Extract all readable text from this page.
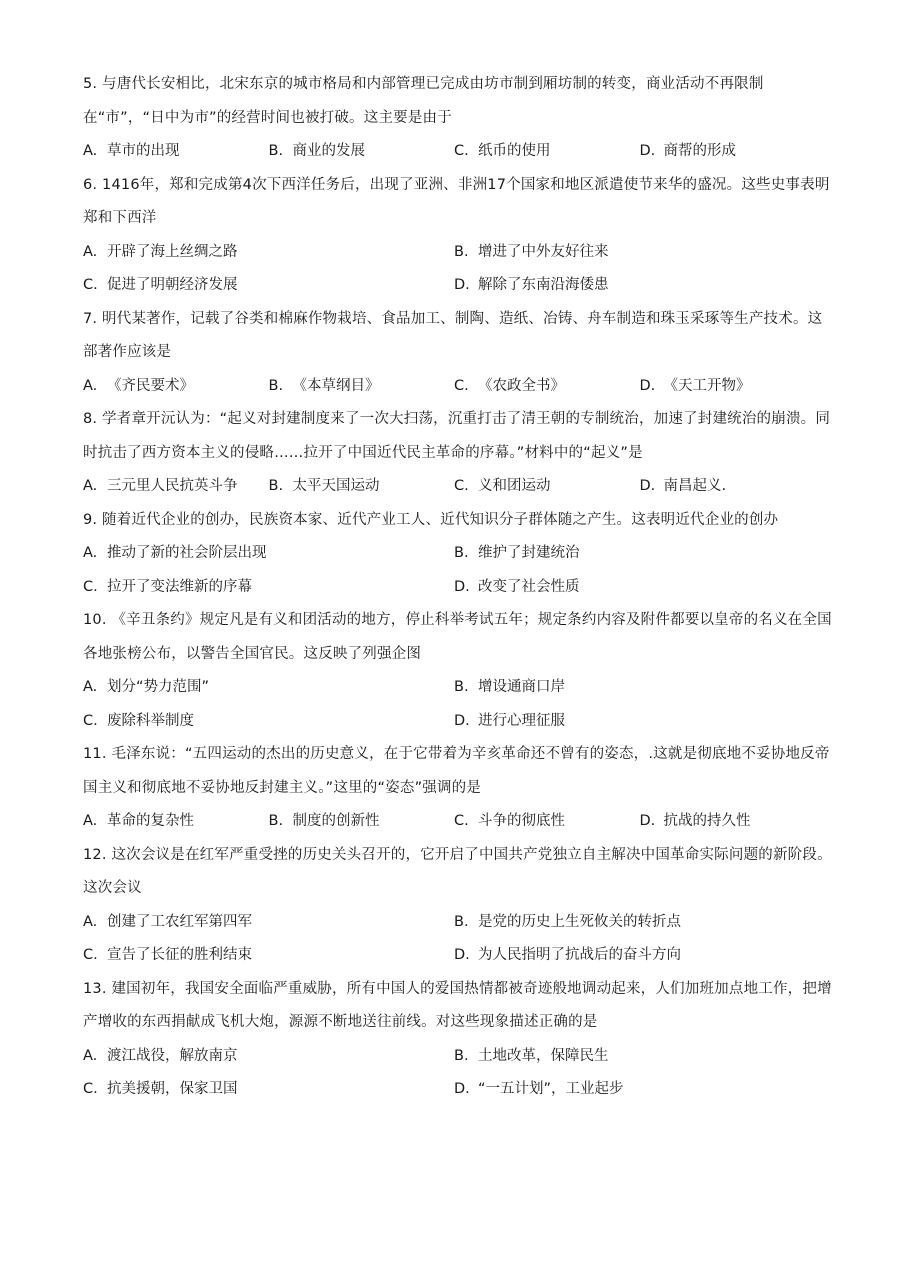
5. 与唐代长安相比，北宋东京的城市格局和内部管理已完成由坊市制到厢坊制的转变，商业活动不再限制在“市”，“日中为市”的经营时间也被打破。这主要是由于

A. 草市的出现	B. 商业的发展	C. 纸币的使用	D. 商帮的形成

6. 1416年，郑和完成第4次下西洋任务后，出现了亚洲、非洲17个国家和地区派遣使节来华的盛况。这些史事表明郑和下西洋

A. 开辟了海上丝绸之路	B. 增进了中外友好往来
C. 促进了明朝经济发展	D. 解除了东南沿海倭患

7. 明代某著作，记载了谷类和棉麻作物栽培、食品加工、制陶、造纸、冶铸、舟车制造和珠玉采琢等生产技术。这部著作应该是

A. 《齐民要术》	B. 《本草纲目》	C. 《农政全书》	D. 《天工开物》

8. 学者章开沅认为：“起义对封建制度来了一次大扫荡，沉重打击了清王朝的专制统治，加速了封建统治的崩溃。同时抗击了西方资本主义的侵略……拉开了中国近代民主革命的序幕。”材料中的“起义”是

A. 三元里人民抗英斗争	B. 太平天国运动	C. 义和团运动	D. 南昌起义.

9. 随着近代企业的创办，民族资本家、近代产业工人、近代知识分子群体随之产生。这表明近代企业的创办

A. 推动了新的社会阶层出现	B. 维护了封建统治
C. 拉开了变法维新的序幕	D. 改变了社会性质

10. 《辛丑条约》规定凡是有义和团活动的地方，停止科举考试五年；规定条约内容及附件都要以皇帝的名义在全国各地张榜公布，以警告全国官民。这反映了列强企图

A. 划分“势力范围”	B. 增设通商口岸
C. 废除科举制度	D. 进行心理征服

11. 毛泽东说：“五四运动的杰出的历史意义，在于它带着为辛亥革命还不曾有的姿态，.这就是彻底地不妥协地反帝国主义和彻底地不妥协地反封建主义。”这里的“姿态”强调的是

A. 革命的复杂性	B. 制度的创新性	C. 斗争的彻底性	D. 抗战的持久性

12. 这次会议是在红军严重受挫的历史关头召开的，它开启了中国共产党独立自主解决中国革命实际问题的新阶段。这次会议

A. 创建了工农红军第四军	B. 是党的历史上生死攸关的转折点
C. 宣告了长征的胜利结束	D. 为人民指明了抗战后的奋斗方向

13. 建国初年，我国安全面临严重威胁，所有中国人的爱国热情都被奇迹般地调动起来，人们加班加点地工作，把增产增收的东西捐献成飞机大炮，源源不断地送往前线。对这些现象描述正确的是

A. 渡江战役，解放南京	B. 土地改革，保障民生
C. 抗美援朝，保家卫国	D. “一五计划”，工业起步
